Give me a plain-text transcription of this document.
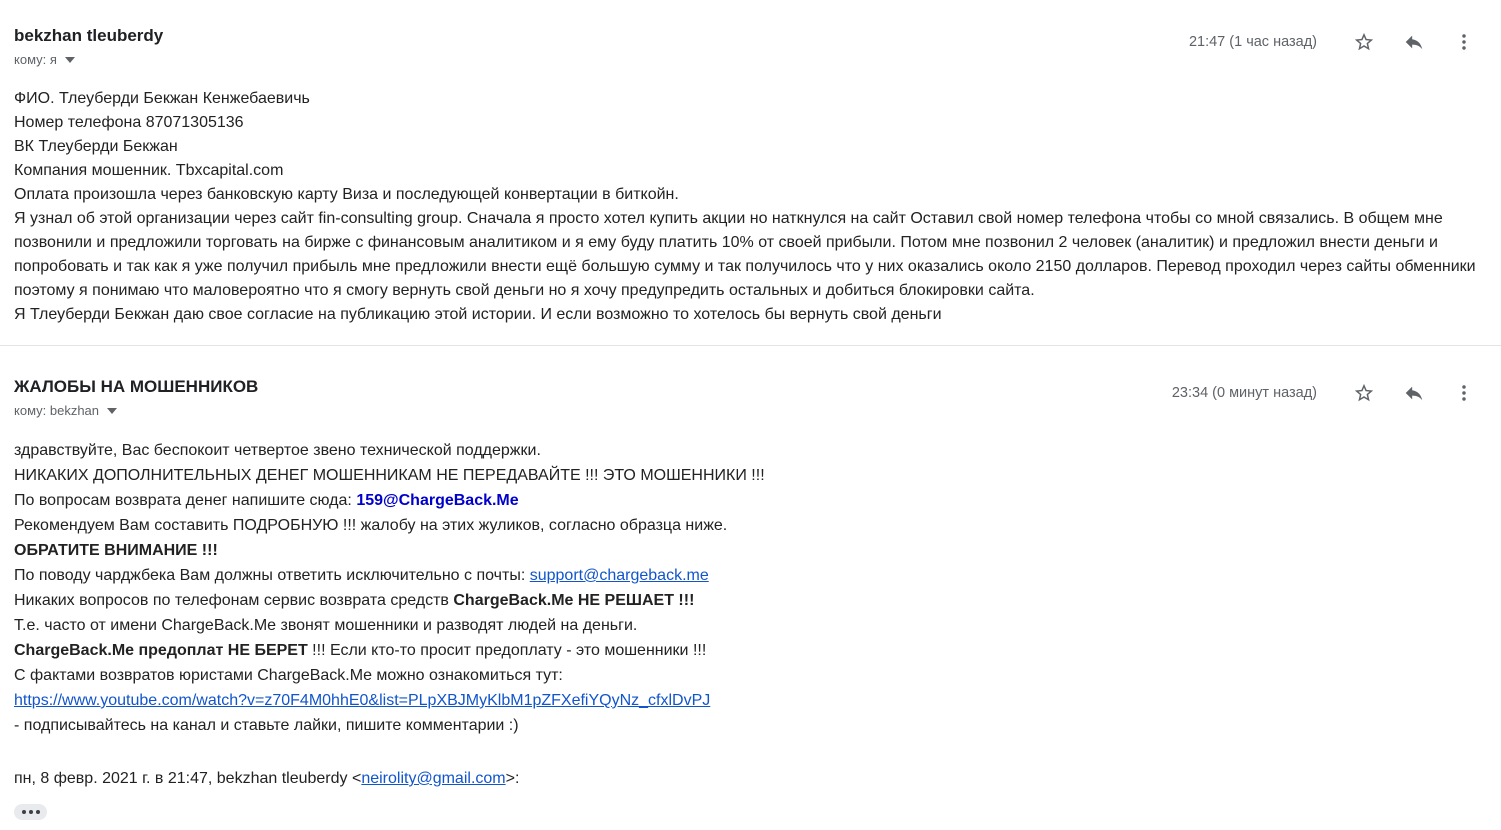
bekzhan tleuberdy
кому: я
21:47 (1 час назад)
ФИО. Тлеуберди Бекжан Кенжебаевичь
Номер телефона 87071305136
ВК Тлеуберди Бекжан
Компания мошенник. Tbxcapital.com
Оплата произошла через банковскую карту Виза и последующей конвертации в биткойн.
Я узнал об этой организации через сайт fin-consulting group. Сначала я просто хотел купить акции но наткнулся на сайт Оставил свой номер телефона чтобы со мной связались. В общем мне позвонили и предложили торговать на бирже с финансовым аналитиком и я ему буду платить 10% от своей прибыли. Потом мне позвонил 2 человек (аналитик) и предложил внести деньги и попробовать и так как я уже получил прибыль мне предложили внести ещё большую сумму и так получилось что у них оказались около 2150 долларов. Перевод проходил через сайты обменники поэтому я понимаю что маловероятно что я смогу вернуть свой деньги но я хочу предупредить остальных и добиться блокировки сайта.
Я Тлеуберди Бекжан даю свое согласие на публикацию этой истории. И если возможно то хотелось бы вернуть свой деньги
ЖАЛОБЫ НА МОШЕННИКОВ
кому: bekzhan
23:34 (0 минут назад)
здравствуйте, Вас беспокоит четвертое звено технической поддержки.
НИКАКИХ ДОПОЛНИТЕЛЬНЫХ ДЕНЕГ МОШЕННИКАМ НЕ ПЕРЕДАВАЙТЕ !!! ЭТО МОШЕННИКИ !!!
По вопросам возврата денег напишите сюда: 159@ChargeBack.Me
Рекомендуем Вам составить ПОДРОБНУЮ !!! жалобу на этих жуликов, согласно образца ниже.
ОБРАТИТЕ ВНИМАНИЕ !!!
По поводу чарджбека Вам должны ответить исключительно с почты: support@chargeback.me
Никаких вопросов по телефонам сервис возврата средств ChargeBack.Me НЕ РЕШАЕТ !!!
Т.е. часто от имени ChargeBack.Me звонят мошенники и разводят людей на деньги.
ChargeBack.Me предоплат НЕ БЕРЕТ !!! Если кто-то просит предоплату - это мошенники !!!
С фактами возвратов юристами ChargeBack.Me можно ознакомиться тут:
https://www.youtube.com/watch?v=z70F4M0hhE0&list=PLpXBJMyKlbM1pZFXefiYQyNz_cfxlDvPJ
- подписывайтесь на канал и ставьте лайки, пишите комментарии :)
пн, 8 февр. 2021 г. в 21:47, bekzhan tleuberdy <neirolity@gmail.com>:
